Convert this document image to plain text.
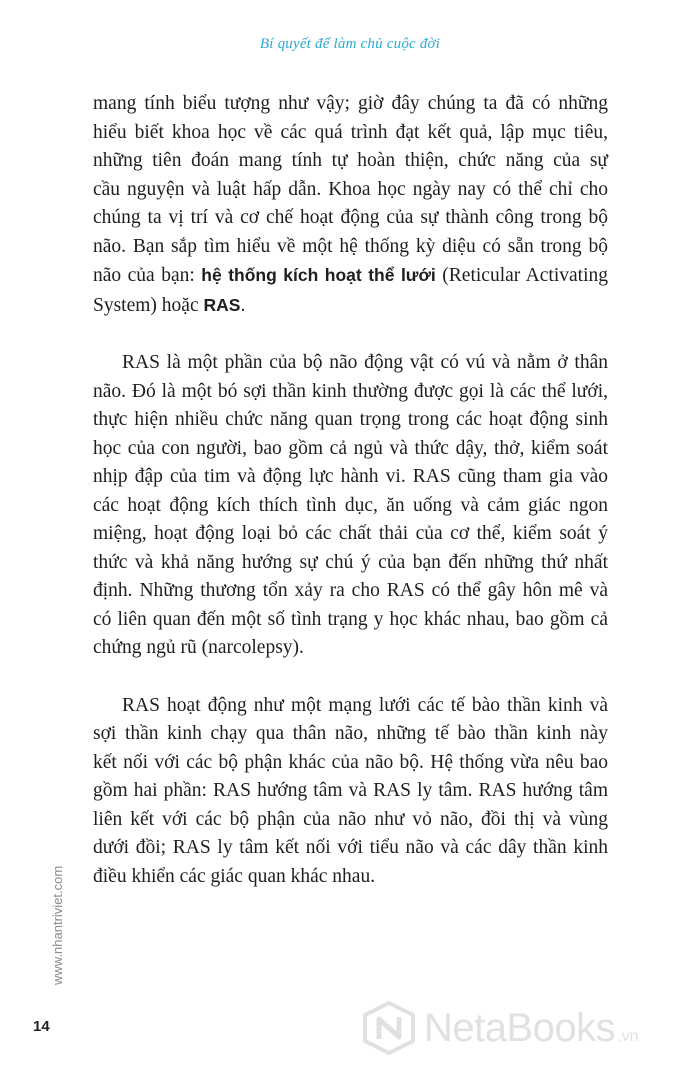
Bí quyết để làm chủ cuộc đời
mang tính biểu tượng như vậy; giờ đây chúng ta đã có những
hiểu biết khoa học về các quá trình đạt kết quả, lập mục tiêu,
những tiên đoán mang tính tự hoàn thiện, chức năng của sự
cầu nguyện và luật hấp dẫn. Khoa học ngày nay có thể chỉ cho
chúng ta vị trí và cơ chế hoạt động của sự thành công trong bộ
não. Bạn sắp tìm hiểu về một hệ thống kỳ diệu có sẵn trong bộ
não của bạn: hệ thống kích hoạt thể lưới (Reticular Activating
System) hoặc RAS.
RAS là một phần của bộ não động vật có vú và nằm ở thân
não. Đó là một bó sợi thần kinh thường được gọi là các thể lưới,
thực hiện nhiều chức năng quan trọng trong các hoạt động sinh
học của con người, bao gồm cả ngủ và thức dậy, thở, kiểm soát
nhịp đập của tim và động lực hành vi. RAS cũng tham gia vào
các hoạt động kích thích tình dục, ăn uống và cảm giác ngon
miệng, hoạt động loại bỏ các chất thải của cơ thể, kiểm soát ý
thức và khả năng hướng sự chú ý của bạn đến những thứ nhất
định. Những thương tổn xảy ra cho RAS có thể gây hôn mê và
có liên quan đến một số tình trạng y học khác nhau, bao gồm cả
chứng ngủ rũ (narcolepsy).
RAS hoạt động như một mạng lưới các tế bào thần kinh và
sợi thần kinh chạy qua thân não, những tế bào thần kinh này
kết nối với các bộ phận khác của não bộ. Hệ thống vừa nêu bao
gồm hai phần: RAS hướng tâm và RAS ly tâm. RAS hướng tâm
liên kết với các bộ phận của não như vỏ não, đồi thị và vùng
dưới đồi; RAS ly tâm kết nối với tiểu não và các dây thần kinh
điều khiển các giác quan khác nhau.
www.nhantriviet.com
14	NetaBooks .vn
